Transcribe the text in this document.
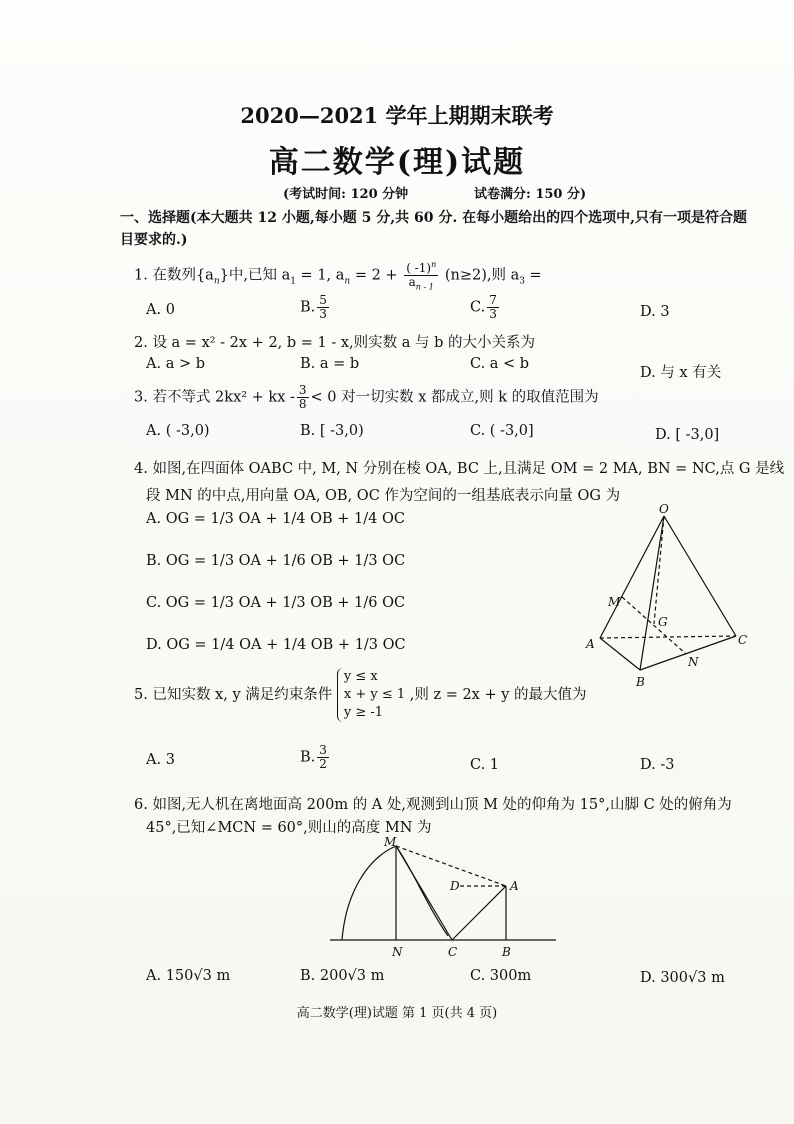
2020—2021 学年上期期末联考
高二数学(理)试题
(考试时间: 120 分钟	试卷满分: 150 分)
一、选择题(本大题共 12 小题,每小题 5 分,共 60 分. 在每小题给出的四个选项中,只有一项是符合题目要求的.)
1. 在数列$\{a_n\}$中,已知 $a_1 = 1$, $a_n = 2 + \frac{( -1)^n}{a_{n - 1}} (n\ge 2)$,则 $a_3$ =
A. 0	B. $\frac{5}{3}$	C. $\frac{7}{3}$	D. 3
2. 设 a = x² - 2x + 2, b = 1 - x,则实数 a 与 b 的大小关系为
A. a > b	B. a = b	C. a < b
D. 与 x 有关
3. 若不等式 2kx² + kx - $\frac{3}{8} < 0$ 对一切实数 x 都成立,则 k 的取值范围为
A. ( -3,0)	B. [ -3,0)	C. ( -3,0]	D. [ -3,0]
4. 如图,在四面体 OABC 中, M, N 分别在棱 OA, BC 上,且满足 OM = 2 MA, BN = NC,点 G 是线
段 MN 的中点,用向量 OA, OB, OC 作为空间的一组基底表示向量 OG 为
A. OG = 1/3 OA + 1/4 OB + 1/4 OC
B. OG = 1/3 OA + 1/6 OB + 1/3 OC
C. OG = 1/3 OA + 1/3 OB + 1/6 OC
D. OG = 1/4 OA + 1/4 OB + 1/3 OC
O
M
G
A	C
N
B
5. 已知实数 x, y 满足约束条件
y ≤ x
x + y ≤ 1
y ≥ -1
,则 z = 2x + y 的最大值为
A. 3	B. $\frac{3}{2}$	C. 1	D. -3
6. 如图,无人机在离地面高 200m 的 A 处,观测到山顶 M 处的仰角为 15°,山脚 C 处的俯角为
45°,已知∠MCN = 60°,则山的高度 MN 为
M
D	A
N	C	B
A. 150√3 m	B. 200√3 m	C. 300m	D. 300√3 m
高二数学(理)试题 第 1 页(共 4 页)
